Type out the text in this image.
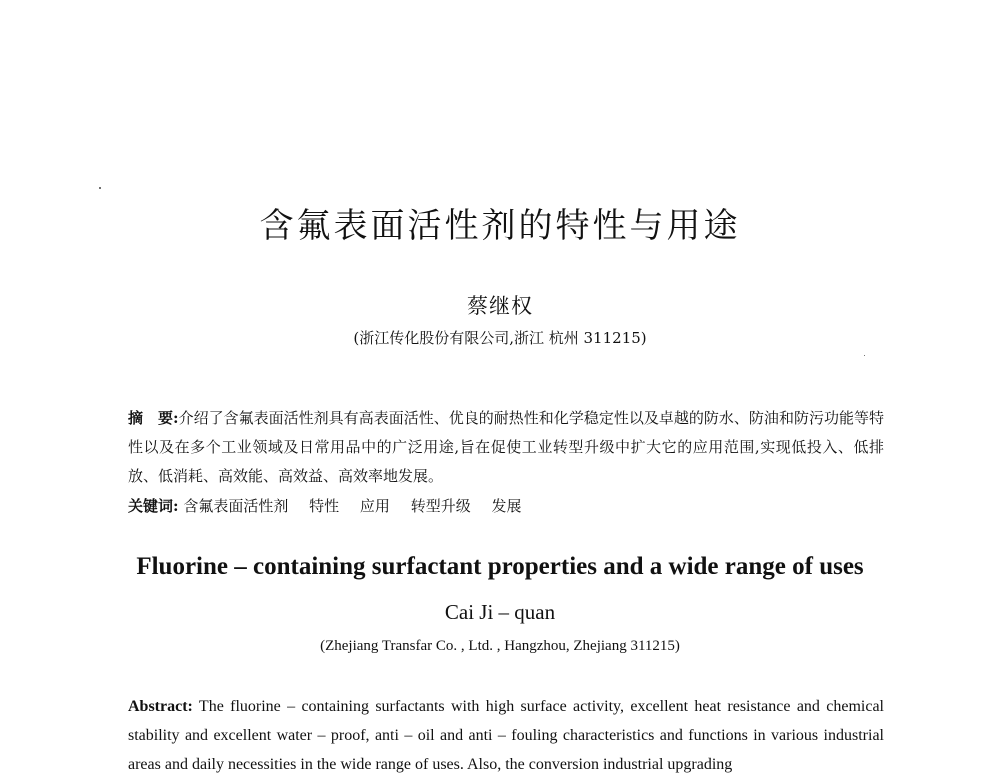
含氟表面活性剂的特性与用途
蔡继权
(浙江传化股份有限公司,浙江 杭州 311215)
摘　要:介绍了含氟表面活性剂具有高表面活性、优良的耐热性和化学稳定性以及卓越的防水、防油和防污功能等特性以及在多个工业领域及日常用品中的广泛用途,旨在促使工业转型升级中扩大它的应用范围,实现低投入、低排放、低消耗、高效能、高效益、高效率地发展。
关键词: 含氟表面活性剂 特性 应用 转型升级 发展
Fluorine – containing surfactant properties and a wide range of uses
Cai Ji – quan
(Zhejiang Transfar Co. , Ltd. , Hangzhou, Zhejiang 311215)
Abstract: The fluorine – containing surfactants with high surface activity, excellent heat resistance and chemical stability and excellent water – proof, anti – oil and anti – fouling characteristics and functions in various industrial areas and daily necessities in the wide range of uses. Also, the conversion industrial upgrading
